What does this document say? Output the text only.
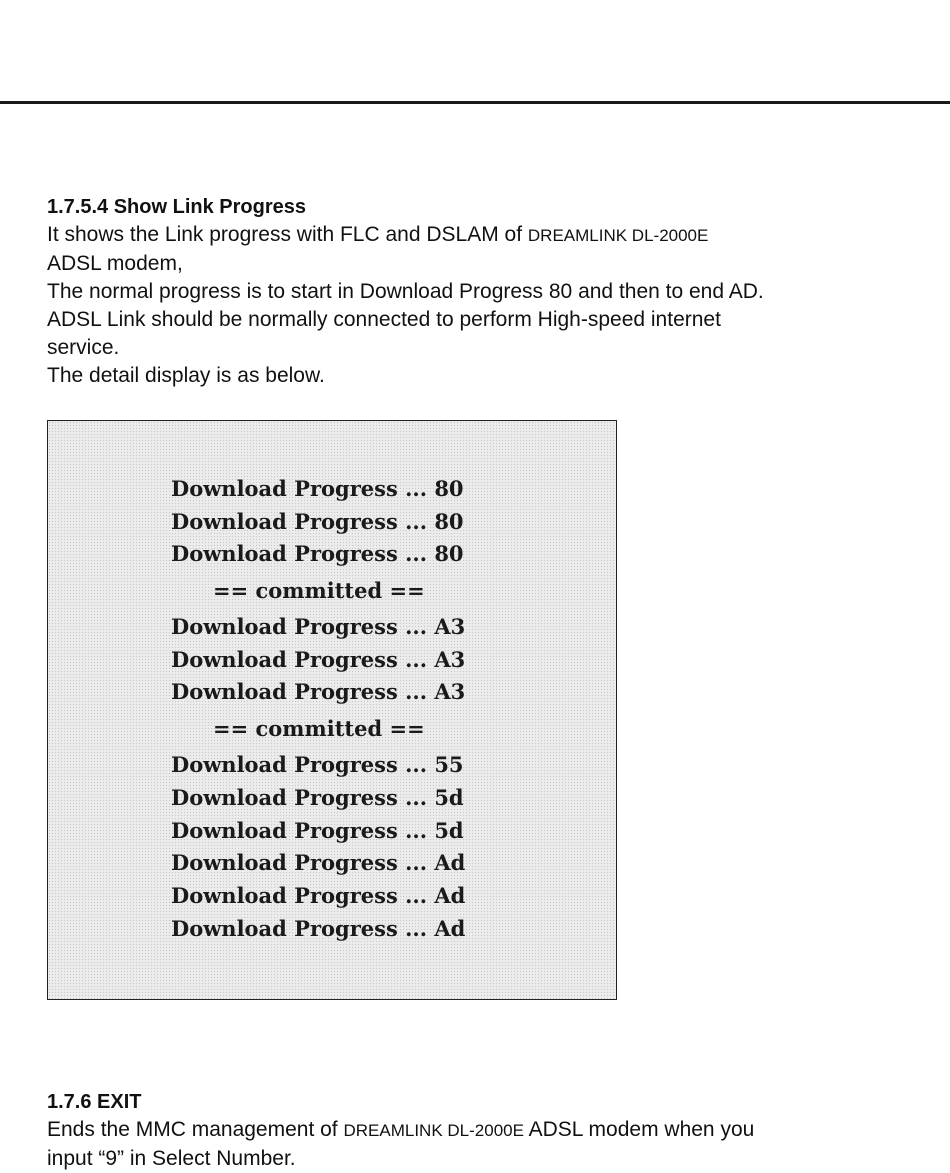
1.7.5.4 Show Link Progress

It shows the Link progress with FLC and DSLAM of DREAMLINK DL-2000E

ADSL modem,

The normal progress is to start in Download Progress 80 and then to end AD.

ADSL Link should be normally connected to perform High-speed internet

service.

The detail display is as below.

Download Progress ... 80
Download Progress ... 80
Download Progress ... 80
== committed ==
Download Progress ... A3
Download Progress ... A3
Download Progress ... A3
== committed ==
Download Progress ... 55
Download Progress ... 5d
Download Progress ... 5d
Download Progress ... Ad
Download Progress ... Ad
Download Progress ... Ad

1.7.6 EXIT

Ends the MMC management of DREAMLINK DL-2000E ADSL modem when you

input “9” in Select Number.
